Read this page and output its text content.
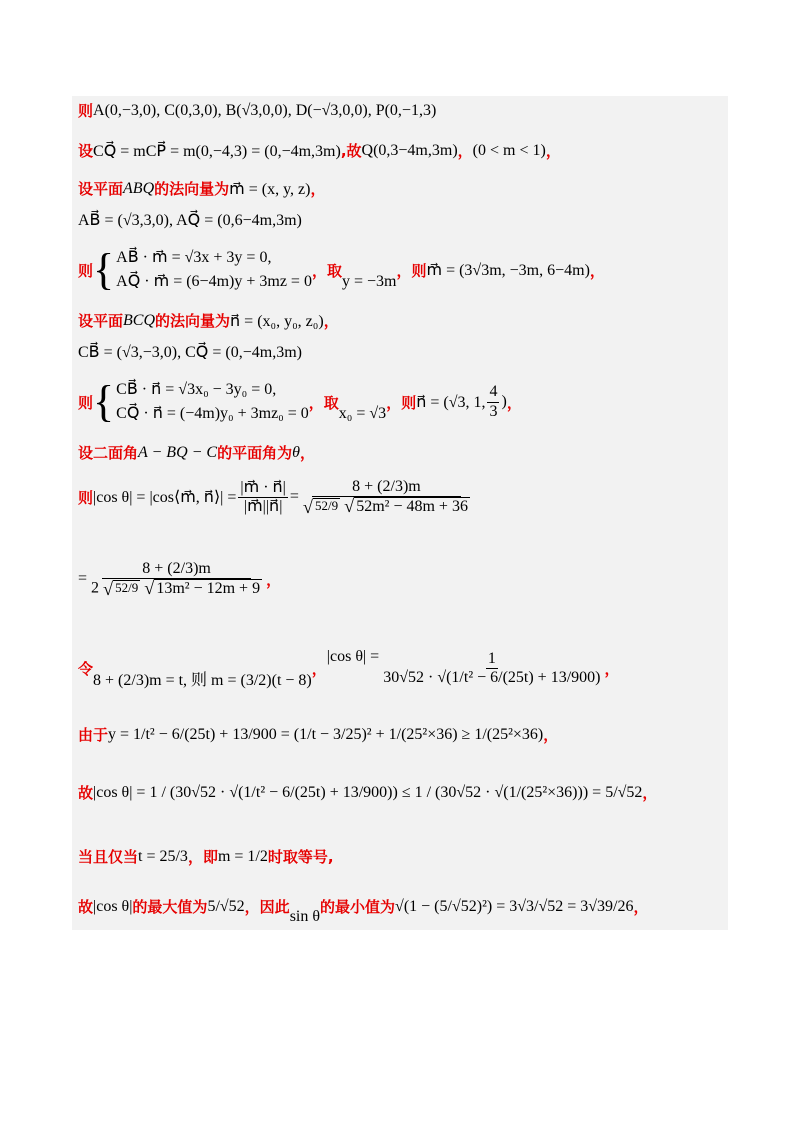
则 A(0,−3,0), C(0,3,0), B(√3,0,0), D(−√3,0,0), P(0,−1,3)
设 CQ⃗ = mCP⃗ = m(0,−4,3) = (0,−4m,3m) ,故 Q(0,3−4m,3m) ， (0 < m < 1) ，
设平面 ABQ 的法向量为 m⃗ = (x, y, z) ，
AB⃗ = (√3,3,0), AQ⃗ = (0,6−4m,3m)
则 { AB⃗ · m⃗ = √3x + 3y = 0,
AQ⃗ · m⃗ = (6−4m)y + 3mz = 0
，取
y = −3m
，则 m⃗ = (3√3m, −3m, 6−4m) ，
设平面 BCQ 的法向量为 n⃗ = (x₀, y₀, z₀) ，
CB⃗ = (√3,−3,0), CQ⃗ = (0,−4m,3m)
则 { CB⃗ · n⃗ = √3x₀ − 3y₀ = 0,
CQ⃗ · n⃗ = (−4m)y₀ + 3mz₀ = 0
，取
x₀ = √3
，则 n⃗ = (√3, 1, $\frac{4}{3}$ ) ，
设二面角 A − BQ − C 的平面角为 θ ，
则 |cos θ| = |cos⟨m⃗, n⃗⟩| = $\frac{|m⃗ \cdot n⃗|}{|m⃗||n⃗|} = 8 + (2/3)m$
√ 52/9
√ 52m² − 48m + 36
= 8 + (2/3)m
2 √ 52/9
√ 13m² − 12m + 9 ，
令
8 + (2/3)m = t, 则 m = (3/2)(t − 8)
，
|cos $\theta| = \frac{1}{\text{30√52 · √(1/t² − 6/(25t) + 13/900)}}$ ，
由于 y = 1/t² − 6/(25t) + 13/900 = (1/t − 3/25)² + 1/(25²×36) ≥ 1/(25²×36) ，
故 |cos θ| = 1 / (30√52 · √(1/t² − 6/(25t) + 13/900)) ≤ 1 / (30√52 · √(1/(25²×36))) = 5/√52 ，
当且仅当 t = 25/3 ，即 m = 1/2 时取等号,
故 |cos θ| 的最大值为 5/√52 ，因此 sin θ 的最小值为 √(1 − (5/√52)²) = 3√3/√52 = 3√39/26 ，
